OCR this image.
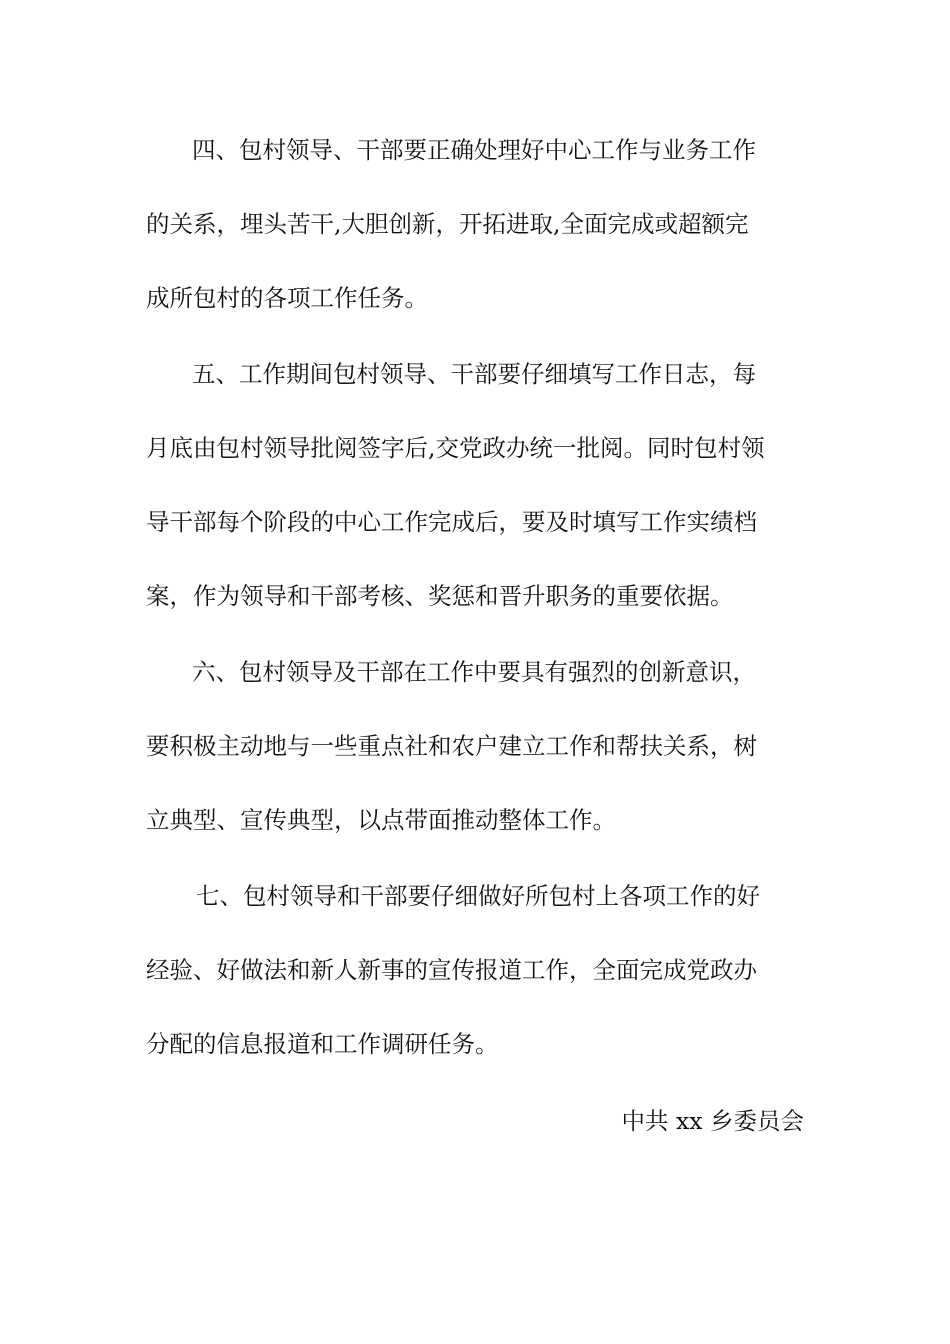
四、包村领导、干部要正确处理好中心工作与业务工作

的关系，埋头苦干,大胆创新，开拓进取,全面完成或超额完

成所包村的各项工作任务。

五、工作期间包村领导、干部要仔细填写工作日志，每

月底由包村领导批阅签字后,交党政办统一批阅。同时包村领

导干部每个阶段的中心工作完成后，要及时填写工作实绩档

案，作为领导和干部考核、奖惩和晋升职务的重要依据。

六、包村领导及干部在工作中要具有强烈的创新意识，

要积极主动地与一些重点社和农户建立工作和帮扶关系，树

立典型、宣传典型，以点带面推动整体工作。

七、包村领导和干部要仔细做好所包村上各项工作的好

经验、好做法和新人新事的宣传报道工作，全面完成党政办

分配的信息报道和工作调研任务。

中共 xx 乡委员会
